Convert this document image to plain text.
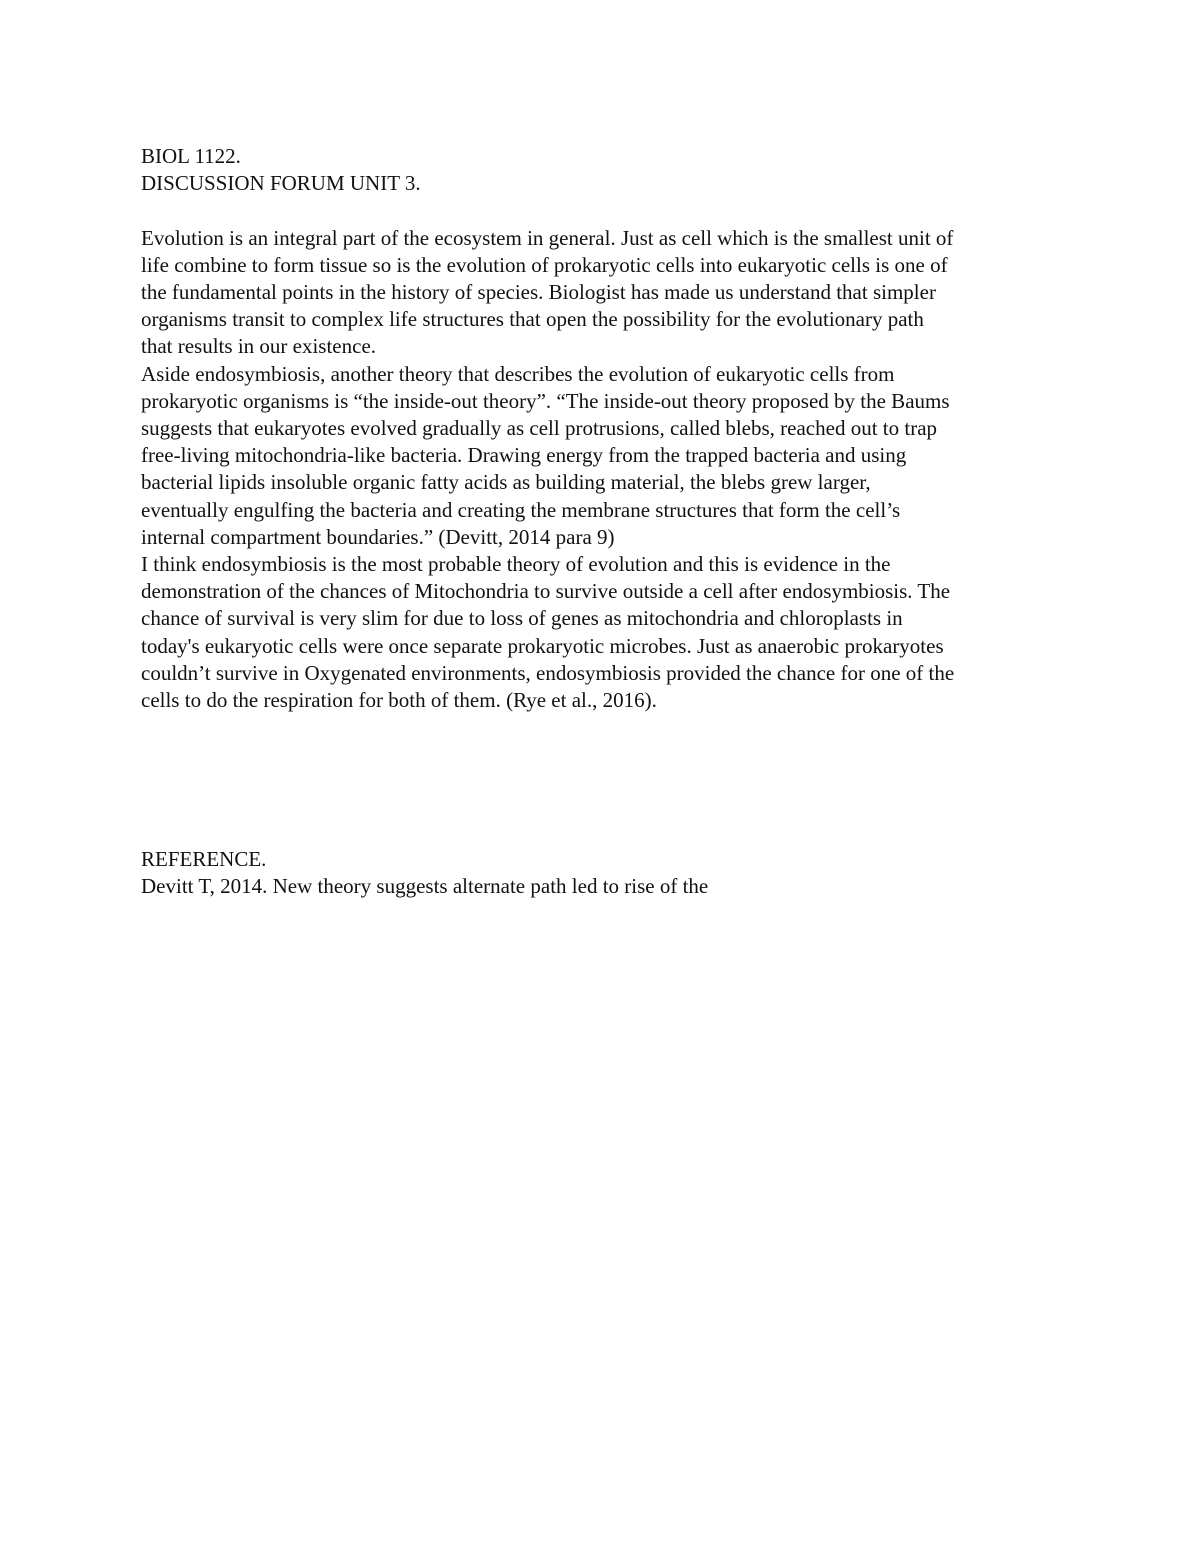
BIOL 1122.
DISCUSSION FORUM UNIT 3.
Evolution is an integral part of the ecosystem in general. Just as cell which is the smallest unit of
life combine to form tissue so is the evolution of prokaryotic cells into eukaryotic cells is one of
the fundamental points in the history of species. Biologist has made us understand that simpler
organisms transit to complex life structures that open the possibility for the evolutionary path
that results in our existence.
Aside endosymbiosis, another theory that describes the evolution of eukaryotic cells from
prokaryotic organisms is “the inside-out theory”. “The inside-out theory proposed by the Baums
suggests that eukaryotes evolved gradually as cell protrusions, called blebs, reached out to trap
free-living mitochondria-like bacteria. Drawing energy from the trapped bacteria and using
bacterial lipids insoluble organic fatty acids as building material, the blebs grew larger,
eventually engulfing the bacteria and creating the membrane structures that form the cell’s
internal compartment boundaries.” (Devitt, 2014 para 9)
I think endosymbiosis is the most probable theory of evolution and this is evidence in the
demonstration of the chances of Mitochondria to survive outside a cell after endosymbiosis. The
chance of survival is very slim for due to loss of genes as mitochondria and chloroplasts in
today's eukaryotic cells were once separate prokaryotic microbes. Just as anaerobic prokaryotes
couldn’t survive in Oxygenated environments, endosymbiosis provided the chance for one of the
cells to do the respiration for both of them. (Rye et al., 2016).
REFERENCE.
Devitt T, 2014. New theory suggests alternate path led to rise of the
